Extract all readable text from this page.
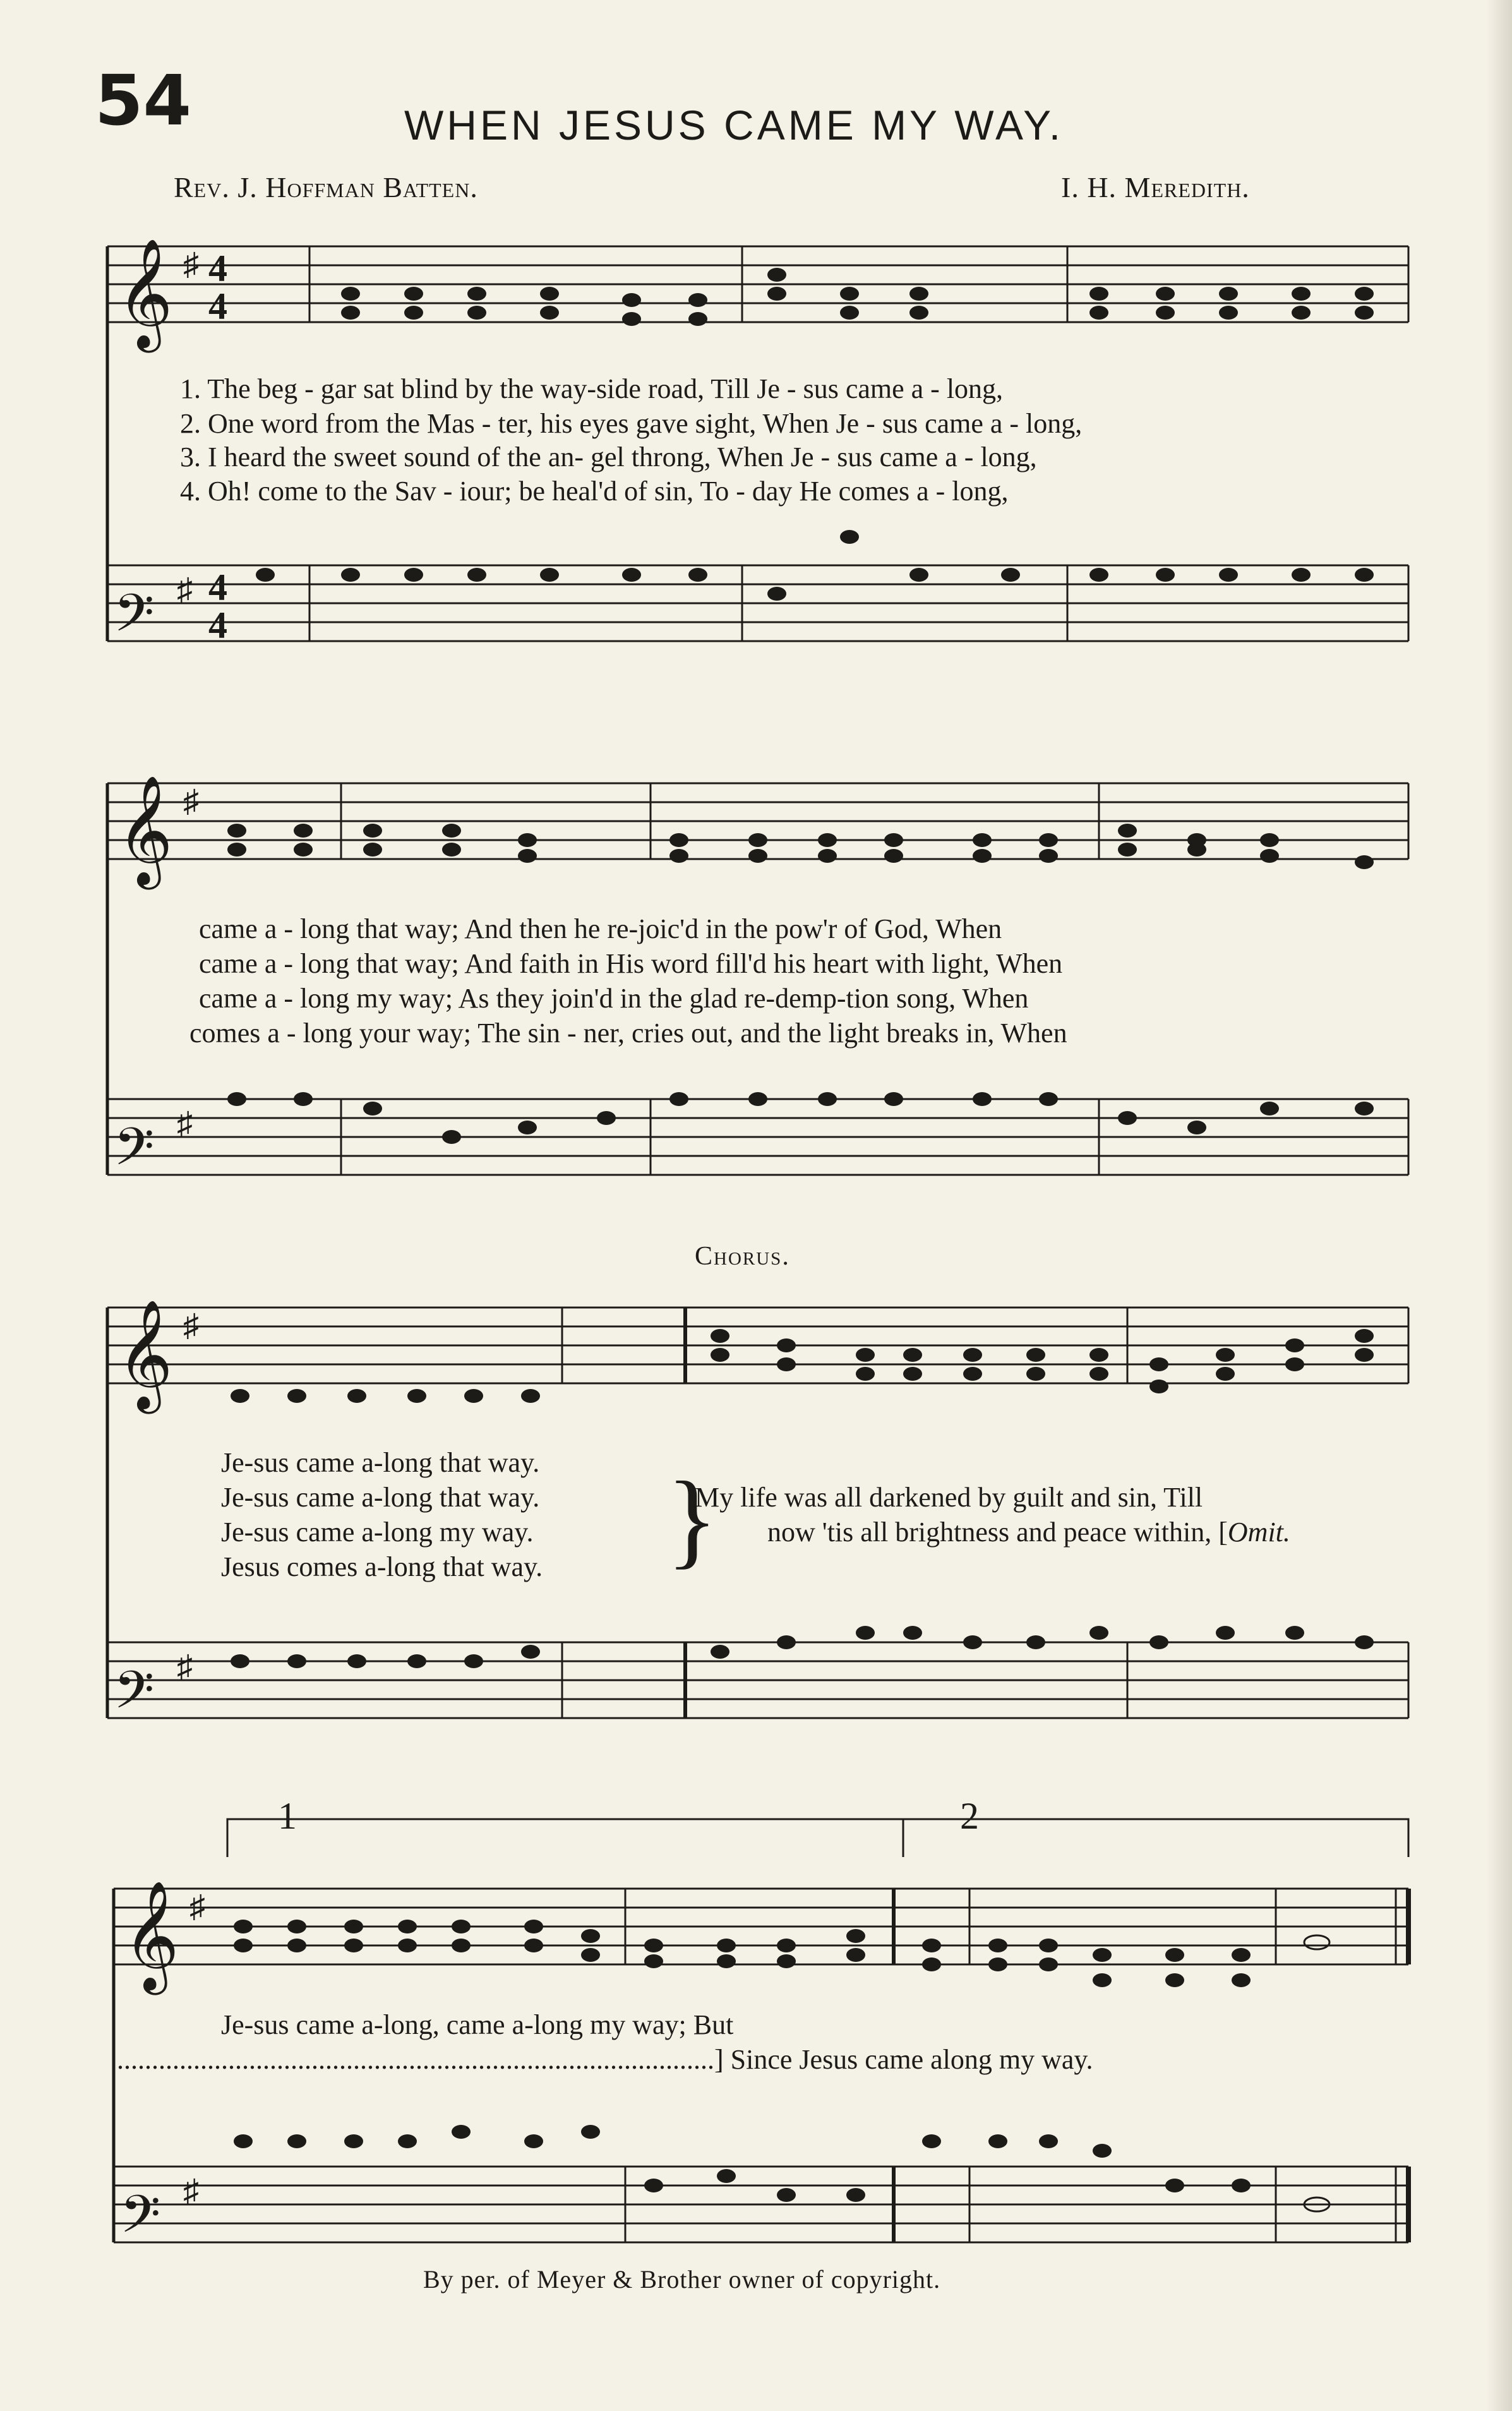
54	WHEN JESUS CAME MY WAY.
Rev. J. Hoffman Batten.	I. H. Meredith.
𝄞 ♯ 4
4
𝄢 ♯ 4
4
1. The beg - gar sat blind by the way-side road, Till Je - sus came a - long,
2. One word from the Mas - ter, his eyes gave sight, When Je - sus came a - long,
3. I heard the sweet sound of the an- gel throng, When Je - sus came a - long,
4. Oh! come to the Sav - iour; be heal'd of sin, To - day He comes a - long,
𝄞 ♯
𝄢 ♯
came a - long that way; And then he re-joic'd in the pow'r of God, When
came a - long that way; And faith in His word fill'd his heart with light, When
came a - long my way; As they join'd in the glad re-demp-tion song, When
comes a - long your way; The sin - ner, cries out, and the light breaks in, When
Chorus.
𝄞 ♯
𝄢 ♯
Je-sus came a-long that way.
Je-sus came a-long that way.
Je-sus came a-long my way.
Jesus comes a-long that way. }
My life was all darkened by guilt and sin, Till
now 'tis all brightness and peace within, [Omit.
1	2
𝄞 ♯
𝄢 ♯
Je-sus came a-long, came a-long my way; But
......................................................................................] Since Jesus came along my way.
By per. of Meyer & Brother owner of copyright.
